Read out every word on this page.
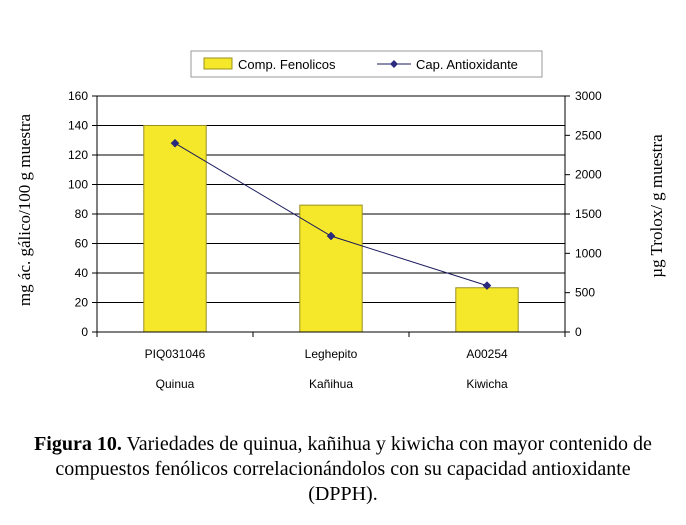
Comp. Fenolicos	Cap. Antioxidante
0
20
40
60
80
100
120
140
160
0
500
1000
1500
2000
2500
3000
PIQ031046
Quinua
Leghepito
Kañihua
A00254
Kiwicha
mg ác. gálico/100 g muestra	µg Trolox/ g muestra
Figura 10. Variedades de quinua, kañihua y kiwicha con mayor contenido de compuestos fenólicos correlacionándolos con su capacidad antioxidante (DPPH).
